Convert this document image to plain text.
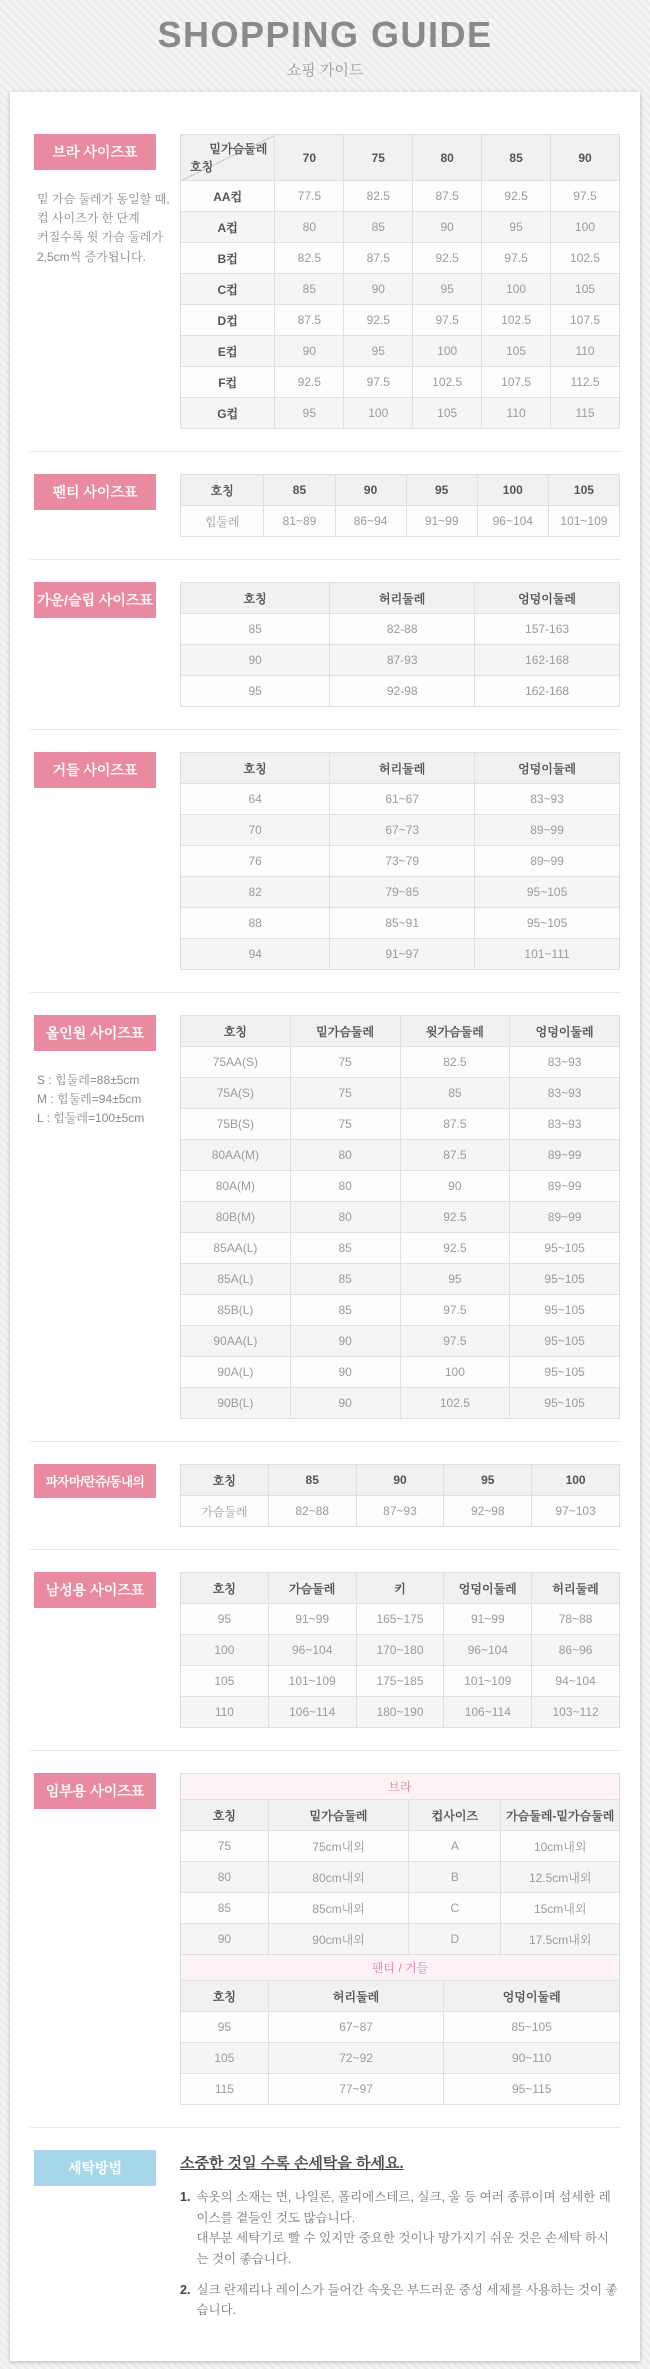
SHOPPING GUIDE
쇼핑 가이드
브라 사이즈표
밑 가슴 둘레가 동일할 때,
컵 사이즈가 한 단계
커질수록 윗 가슴 둘레가
2,5cm씩 증가됩니다.
밑가슴둘레
호칭	70	75	80	85	90
AA컵	77.5	82.5	87.5	92.5	97.5
A컵	80	85	90	95	100
B컵	82.5	87.5	92.5	97.5	102.5
C컵	85	90	95	100	105
D컵	87.5	92.5	97.5	102.5	107.5
E컵	90	95	100	105	110
F컵	92.5	97.5	102.5	107.5	112.5
G컵	95	100	105	110	115
팬티 사이즈표	호칭	85	90	95	100	105
힙둘레	81~89	86~94	91~99	96~104	101~109
가운/슬립 사이즈표	호칭	허리둘레	엉덩이둘레
85	82-88	157-163
90	87-93	162-168
95	92-98	162-168
거들 사이즈표	호칭	허리둘레	엉덩이둘레
64	61~67	83~93
70	67~73	89~99
76	73~79	89~99
82	79~85	95~105
88	85~91	95~105
94	91~97	101~111
올인원 사이즈표
S : 힙둘레=88±5cm
M : 힙둘레=94±5cm
L : 힙둘레=100±5cm
호칭	밑가슴둘레	윗가슴둘레	엉덩이둘레
75AA(S)	75	82.5	83~93
75A(S)	75	85	83~93
75B(S)	75	87.5	83~93
80AA(M)	80	87.5	89~99
80A(M)	80	90	89~99
80B(M)	80	92.5	89~99
85AA(L)	85	92.5	95~105
85A(L)	85	95	95~105
85B(L)	85	97.5	95~105
90AA(L)	90	97.5	95~105
90A(L)	90	100	95~105
90B(L)	90	102.5	95~105
파자마/란쥬/동내의	호칭	85	90	95	100
가슴둘레	82~88	87~93	92~98	97~103
남성용 사이즈표	호칭	가슴둘레	키	엉덩이둘레	허리둘레
95	91~99	165~175	91~99	78~88
100	96~104	170~180	96~104	86~96
105	101~109	175~185	101~109	94~104
110	106~114	180~190	106~114	103~112
임부용 사이즈표	브라			
호칭	밑가슴둘레	컵사이즈	가슴둘레-밑가슴둘레
75	75cm내외	A	10cm내외
80	80cm내외	B	12.5cm내외
85	85cm내외	C	15cm내외
90	90cm내외	D	17.5cm내외
팬티 / 거들		
호칭	허리둘레	엉덩이둘레
95	67~87	85~105
105	72~92	90~110
115	77~97	95~115
세탁방법	소중한 것일 수록 손세탁을 하세요.
1. 속옷의 소재는 면, 나일론, 폴리에스테르, 실크, 울 등 여러 종류이며 섬세한 레이스를 곁들인 것도 많습니다.
대부분 세탁기로 빨 수 있지만 중요한 것이나 망가지기 쉬운 것은 손세탁 하시는 것이 좋습니다.
2. 실크 란제리나 레이스가 들어간 속옷은 부드러운 중성 세제를 사용하는 것이 좋습니다.
